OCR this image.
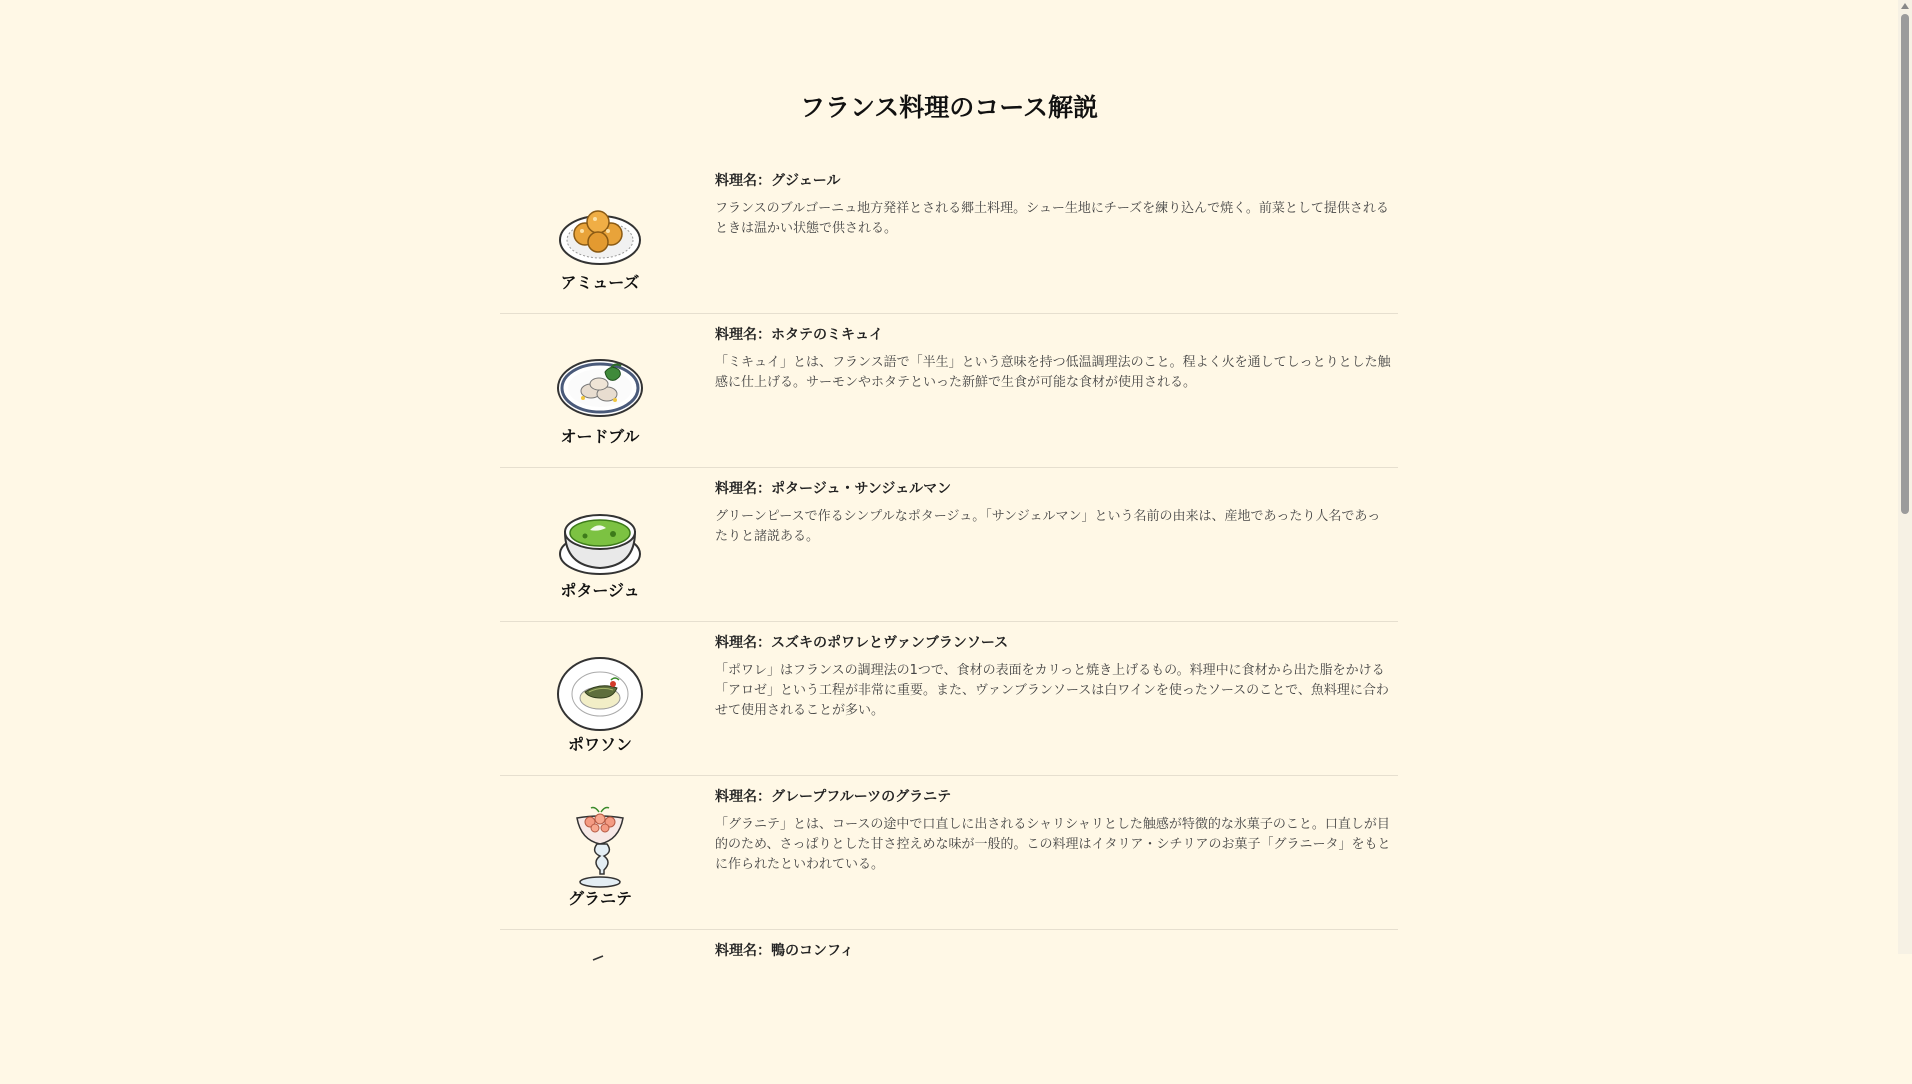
フランス料理のコース解説
アミューズ

料理名：グジェール

フランスのブルゴーニュ地方発祥とされる郷土料理。シュー生地にチーズを練り込んで焼く。前菜として提供されるときは温かい状態で供される。

オードブル

料理名：ホタテのミキュイ

「ミキュイ」とは、フランス語で「半生」という意味を持つ低温調理法のこと。程よく火を通してしっとりとした触感に仕上げる。サーモンやホタテといった新鮮で生食が可能な食材が使用される。

ポタージュ

料理名：ポタージュ・サンジェルマン

グリーンピースで作るシンプルなポタージュ。「サンジェルマン」という名前の由来は、産地であったり人名であったりと諸説ある。

ポワソン

料理名：スズキのポワレとヴァンブランソース

「ポワレ」はフランスの調理法の1つで、食材の表面をカリっと焼き上げるもの。料理中に食材から出た脂をかける「アロゼ」という工程が非常に重要。また、ヴァンブランソースは白ワインを使ったソースのことで、魚料理に合わせて使用されることが多い。

グラニテ

料理名：グレープフルーツのグラニテ

「グラニテ」とは、コースの途中で口直しに出されるシャリシャリとした触感が特徴的な氷菓子のこと。口直しが目的のため、さっぱりとした甘さ控えめな味が一般的。この料理はイタリア・シチリアのお菓子「グラニータ」をもとに作られたといわれている。

料理名：鴨のコンフィ
